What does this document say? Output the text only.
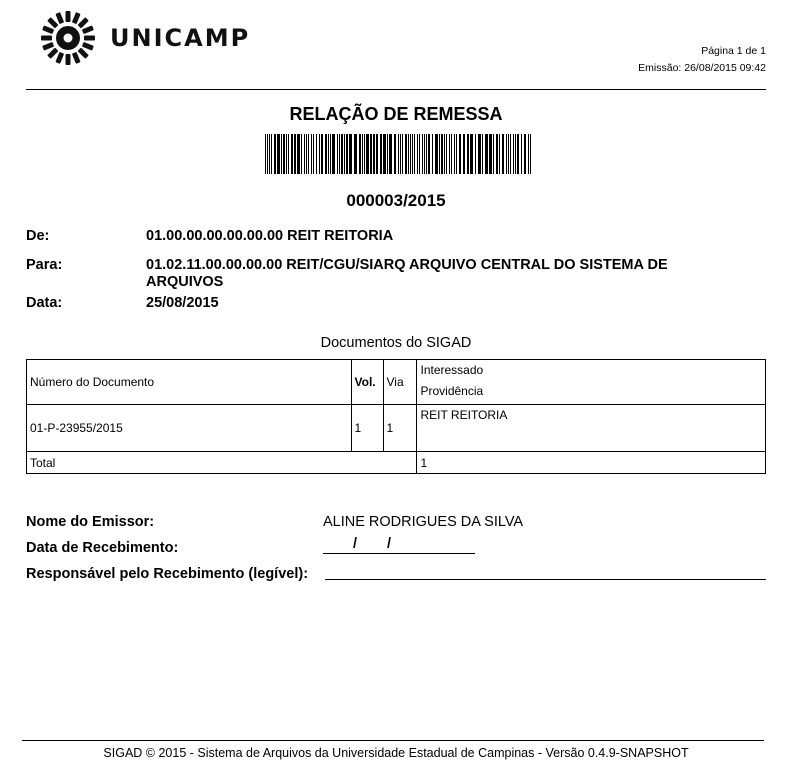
UNICAMP	Página 1 de 1
Emissão: 26/08/2015 09:42
RELAÇÃO DE REMESSA
000003/2015
De:	01.00.00.00.00.00.00 REIT REITORIA
Para:	01.02.11.00.00.00.00 REIT/CGU/SIARQ ARQUIVO CENTRAL DO SISTEMA DE ARQUIVOS
Data:	25/08/2015
Documentos do SIGAD
Número do Documento	Vol.	Via	Interessado
Providência

01-P-23955/2015	1	1	REIT REITORIA

Total			1
Nome do Emissor:	ALINE RODRIGUES DA SILVA
Data de Recebimento:	/ /
Responsável pelo Recebimento (legível):
SIGAD © 2015 - Sistema de Arquivos da Universidade Estadual de Campinas - Versão 0.4.9-SNAPSHOT
